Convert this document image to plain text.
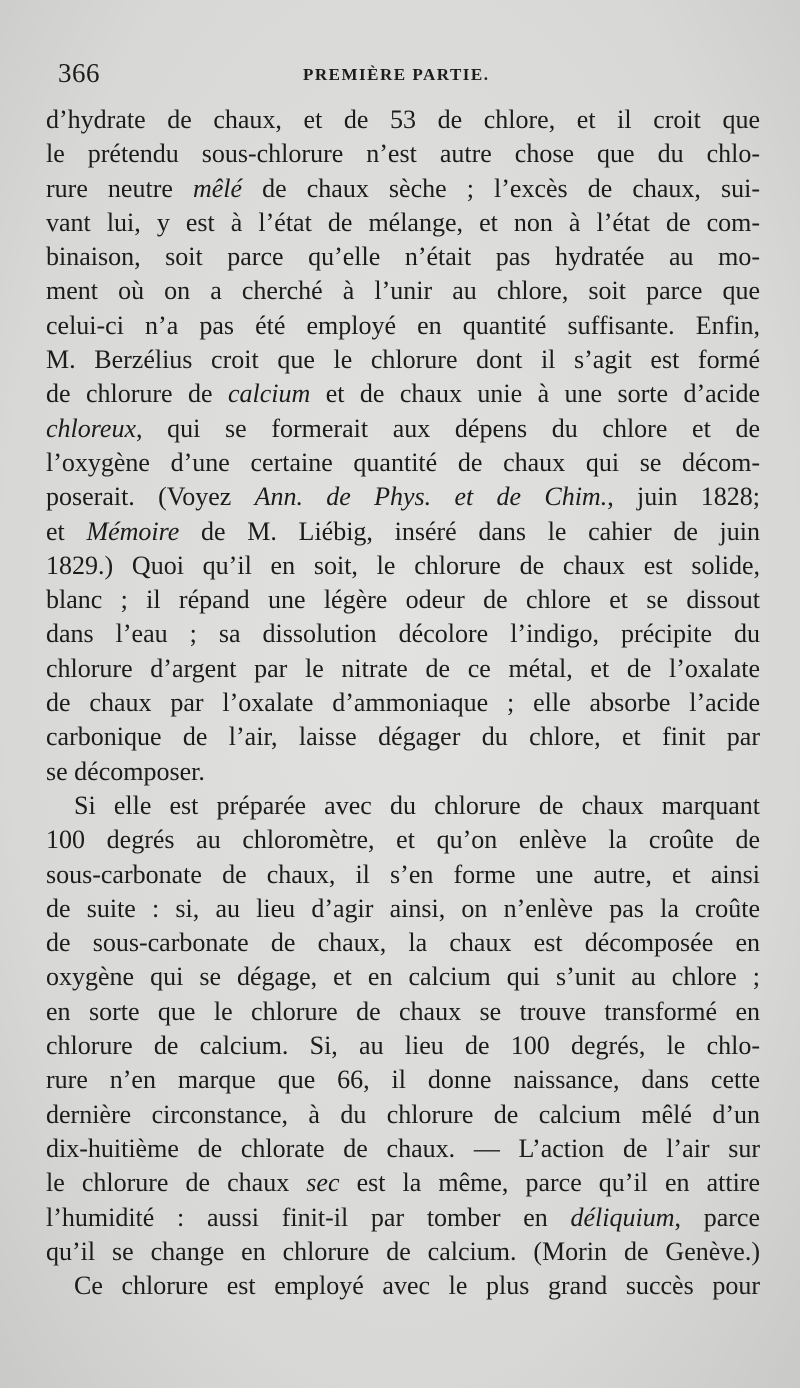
366	PREMIÈRE PARTIE.
d’hydrate de chaux, et de 53 de chlore, et il croit que
le prétendu sous-chlorure n’est autre chose que du chlo-
rure neutre mêlé de chaux sèche ; l’excès de chaux, sui-
vant lui, y est à l’état de mélange, et non à l’état de com-
binaison, soit parce qu’elle n’était pas hydratée au mo-
ment où on a cherché à l’unir au chlore, soit parce que
celui-ci n’a pas été employé en quantité suffisante. Enfin,
M. Berzélius croit que le chlorure dont il s’agit est formé
de chlorure de calcium et de chaux unie à une sorte d’acide
chloreux, qui se formerait aux dépens du chlore et de
l’oxygène d’une certaine quantité de chaux qui se décom-
poserait. (Voyez Ann. de Phys. et de Chim., juin 1828;
et Mémoire de M. Liébig, inséré dans le cahier de juin
1829.) Quoi qu’il en soit, le chlorure de chaux est solide,
blanc ; il répand une légère odeur de chlore et se dissout
dans l’eau ; sa dissolution décolore l’indigo, précipite du
chlorure d’argent par le nitrate de ce métal, et de l’oxalate
de chaux par l’oxalate d’ammoniaque ; elle absorbe l’acide
carbonique de l’air, laisse dégager du chlore, et finit par
se décomposer.
Si elle est préparée avec du chlorure de chaux marquant
100 degrés au chloromètre, et qu’on enlève la croûte de
sous-carbonate de chaux, il s’en forme une autre, et ainsi
de suite : si, au lieu d’agir ainsi, on n’enlève pas la croûte
de sous-carbonate de chaux, la chaux est décomposée en
oxygène qui se dégage, et en calcium qui s’unit au chlore ;
en sorte que le chlorure de chaux se trouve transformé en
chlorure de calcium. Si, au lieu de 100 degrés, le chlo-
rure n’en marque que 66, il donne naissance, dans cette
dernière circonstance, à du chlorure de calcium mêlé d’un
dix-huitième de chlorate de chaux. — L’action de l’air sur
le chlorure de chaux sec est la même, parce qu’il en attire
l’humidité : aussi finit-il par tomber en déliquium, parce
qu’il se change en chlorure de calcium. (Morin de Genève.)
Ce chlorure est employé avec le plus grand succès pour
